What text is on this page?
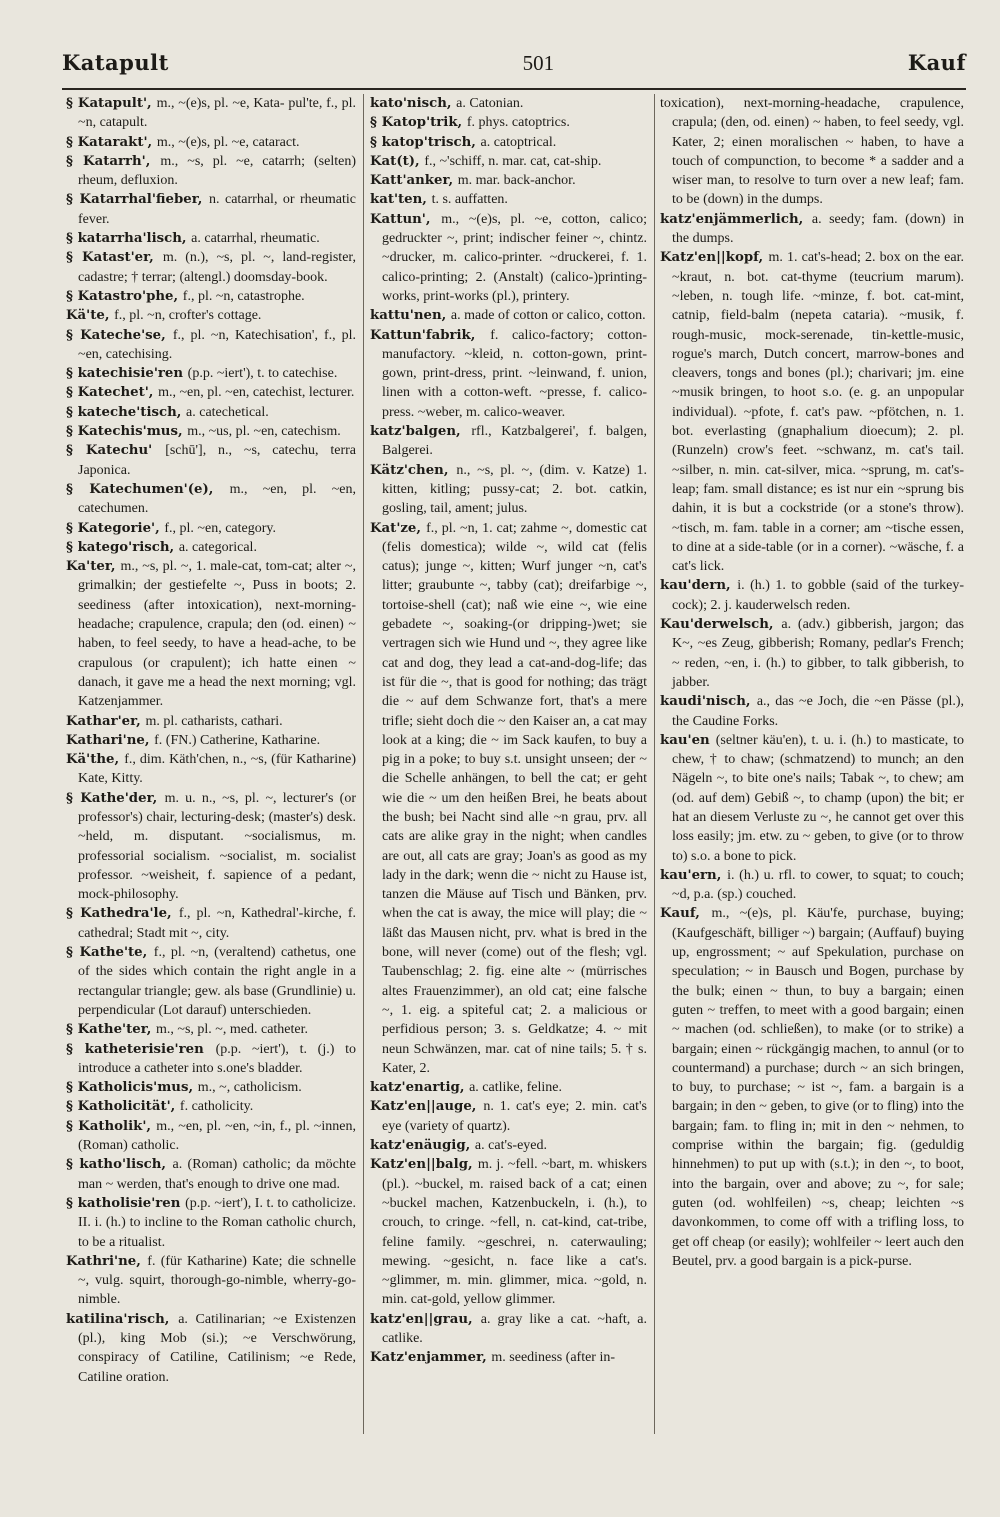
Katapult	501	Kauf

§ Katapult', m., ~(e)s, pl. ~e, Kata- pul'te, f., pl. ~n, catapult.

§ Katarakt', m., ~(e)s, pl. ~e, cataract.

§ Katarrh', m., ~s, pl. ~e, catarrh; (selten) rheum, defluxion.

§ Katarrhal'fieber, n. catarrhal, or rheumatic fever.

§ katarrha'lisch, a. catarrhal, rheumatic.

§ Katast'er, m. (n.), ~s, pl. ~, land-register, cadastre; † terrar; (altengl.) doomsday-book.

§ Katastro'phe, f., pl. ~n, catastrophe.

Kä'te, f., pl. ~n, crofter's cottage.

§ Kateche'se, f., pl. ~n, Katechisation', f., pl. ~en, catechising.

§ katechisie'ren (p.p. ~iert'), t. to catechise.

§ Katechet', m., ~en, pl. ~en, catechist, lecturer.

§ kateche'tisch, a. catechetical.

§ Katechis'mus, m., ~us, pl. ~en, catechism.

§ Katechu' [schū'], n., ~s, catechu, terra Japonica.

§ Katechumen'(e), m., ~en, pl. ~en, catechumen.

§ Kategorie', f., pl. ~en, category.

§ katego'risch, a. categorical.

Ka'ter, m., ~s, pl. ~, 1. male-cat, tom-cat; alter ~, grimalkin; der gestiefelte ~, Puss in boots; 2. seediness (after intoxication), next-morning-headache; crapulence, crapula; den (od. einen) ~ haben, to feel seedy, to have a head-ache, to be crapulous (or crapulent); ich hatte einen ~ danach, it gave me a head the next morning; vgl. Katzenjammer.

Kathar'er, m. pl. catharists, cathari.

Kathari'ne, f. (FN.) Catherine, Katharine.

Kä'the, f., dim. Käth'chen, n., ~s, (für Katharine) Kate, Kitty.

§ Kathe'der, m. u. n., ~s, pl. ~, lecturer's (or professor's) chair, lecturing-desk; (master's) desk. ~held, m. disputant. ~socialismus, m. professorial socialism. ~socialist, m. socialist professor. ~weisheit, f. sapience of a pedant, mock-philosophy.

§ Kathedra'le, f., pl. ~n, Kathedral'-kirche, f. cathedral; Stadt mit ~, city.

§ Kathe'te, f., pl. ~n, (veraltend) cathetus, one of the sides which contain the right angle in a rectangular triangle; gew. als base (Grundlinie) u. perpendicular (Lot darauf) unterschieden.

§ Kathe'ter, m., ~s, pl. ~, med. catheter.

§ katheterisie'ren (p.p. ~iert'), t. (j.) to introduce a catheter into s.one's bladder.

§ Katholicis'mus, m., ~, catholicism.

§ Katholicität', f. catholicity.

§ Katholik', m., ~en, pl. ~en, ~in, f., pl. ~innen, (Roman) catholic.

§ katho'lisch, a. (Roman) catholic; da möchte man ~ werden, that's enough to drive one mad.

§ katholisie'ren (p.p. ~iert'), I. t. to catholicize. II. i. (h.) to incline to the Roman catholic church, to be a ritualist.

Kathri'ne, f. (für Katharine) Kate; die schnelle ~, vulg. squirt, thorough-go-nimble, wherry-go-nimble.

katilina'risch, a. Catilinarian; ~e Existenzen (pl.), king Mob (si.); ~e Verschwörung, conspiracy of Catiline, Catilinism; ~e Rede, Catiline oration.

kato'nisch, a. Catonian.

§ Katop'trik, f. phys. catoptrics.

§ katop'trisch, a. catoptrical.

Kat(t), f., ~'schiff, n. mar. cat, cat-ship.

Katt'anker, m. mar. back-anchor.

kat'ten, t. s. auffatten.

Kattun', m., ~(e)s, pl. ~e, cotton, calico; gedruckter ~, print; indischer feiner ~, chintz. ~drucker, m. calico-printer. ~druckerei, f. 1. calico-printing; 2. (Anstalt) (calico-)printing-works, print-works (pl.), printery.

kattu'nen, a. made of cotton or calico, cotton.

Kattun'fabrik, f. calico-factory; cotton-manufactory. ~kleid, n. cotton-gown, print-gown, print-dress, print. ~leinwand, f. union, linen with a cotton-weft. ~presse, f. calico-press. ~weber, m. calico-weaver.

katz'balgen, rfl., Katzbalgerei', f. balgen, Balgerei.

Kätz'chen, n., ~s, pl. ~, (dim. v. Katze) 1. kitten, kitling; pussy-cat; 2. bot. catkin, gosling, tail, ament; julus.

Kat'ze, f., pl. ~n, 1. cat; zahme ~, domestic cat (felis domestica); wilde ~, wild cat (felis catus); junge ~, kitten; Wurf junger ~n, cat's litter; graubunte ~, tabby (cat); dreifarbige ~, tortoise-shell (cat); naß wie eine ~, wie eine gebadete ~, soaking-(or dripping-)wet; sie vertragen sich wie Hund und ~, they agree like cat and dog, they lead a cat-and-dog-life; das ist für die ~, that is good for nothing; das trägt die ~ auf dem Schwanze fort, that's a mere trifle; sieht doch die ~ den Kaiser an, a cat may look at a king; die ~ im Sack kaufen, to buy a pig in a poke; to buy s.t. unsight unseen; der ~ die Schelle anhängen, to bell the cat; er geht wie die ~ um den heißen Brei, he beats about the bush; bei Nacht sind alle ~n grau, prv. all cats are alike gray in the night; when candles are out, all cats are gray; Joan's as good as my lady in the dark; wenn die ~ nicht zu Hause ist, tanzen die Mäuse auf Tisch und Bänken, prv. when the cat is away, the mice will play; die ~ läßt das Mausen nicht, prv. what is bred in the bone, will never (come) out of the flesh; vgl. Taubenschlag; 2. fig. eine alte ~ (mürrisches altes Frauenzimmer), an old cat; eine falsche ~, 1. eig. a spiteful cat; 2. a malicious or perfidious person; 3. s. Geldkatze; 4. ~ mit neun Schwänzen, mar. cat of nine tails; 5. † s. Kater, 2.

katz'enartig, a. catlike, feline.

Katz'en||auge, n. 1. cat's eye; 2. min. cat's eye (variety of quartz).

katz'enäugig, a. cat's-eyed.

Katz'en||balg, m. j. ~fell. ~bart, m. whiskers (pl.). ~buckel, m. raised back of a cat; einen ~buckel machen, Katzenbuckeln, i. (h.), to crouch, to cringe. ~fell, n. cat-kind, cat-tribe, feline family. ~geschrei, n. caterwauling; mewing. ~gesicht, n. face like a cat's. ~glimmer, m. min. glimmer, mica. ~gold, n. min. cat-gold, yellow glimmer.

katz'en||grau, a. gray like a cat. ~haft, a. catlike.

Katz'enjammer, m. seediness (after in-

toxication), next-morning-headache, crapulence, crapula; (den, od. einen) ~ haben, to feel seedy, vgl. Kater, 2; einen moralischen ~ haben, to have a touch of compunction, to become * a sadder and a wiser man, to resolve to turn over a new leaf; fam. to be (down) in the dumps.

katz'enjämmerlich, a. seedy; fam. (down) in the dumps.

Katz'en||kopf, m. 1. cat's-head; 2. box on the ear. ~kraut, n. bot. cat-thyme (teucrium marum). ~leben, n. tough life. ~minze, f. bot. cat-mint, catnip, field-balm (nepeta cataria). ~musik, f. rough-music, mock-serenade, tin-kettle-music, rogue's march, Dutch concert, marrow-bones and cleavers, tongs and bones (pl.); charivari; jm. eine ~musik bringen, to hoot s.o. (e. g. an unpopular individual). ~pfote, f. cat's paw. ~pfötchen, n. 1. bot. everlasting (gnaphalium dioecum); 2. pl. (Runzeln) crow's feet. ~schwanz, m. cat's tail. ~silber, n. min. cat-silver, mica. ~sprung, m. cat's-leap; fam. small distance; es ist nur ein ~sprung bis dahin, it is but a cockstride (or a stone's throw). ~tisch, m. fam. table in a corner; am ~tische essen, to dine at a side-table (or in a corner). ~wäsche, f. a cat's lick.

kau'dern, i. (h.) 1. to gobble (said of the turkey-cock); 2. j. kauderwelsch reden.

Kau'derwelsch, a. (adv.) gibberish, jargon; das K~, ~es Zeug, gibberish; Romany, pedlar's French; ~ reden, ~en, i. (h.) to gibber, to talk gibberish, to jabber.

kaudi'nisch, a., das ~e Joch, die ~en Pässe (pl.), the Caudine Forks.

kau'en (seltner käu'en), t. u. i. (h.) to masticate, to chew, † to chaw; (schmatzend) to munch; an den Nägeln ~, to bite one's nails; Tabak ~, to chew; am (od. auf dem) Gebiß ~, to champ (upon) the bit; er hat an diesem Verluste zu ~, he cannot get over this loss easily; jm. etw. zu ~ geben, to give (or to throw to) s.o. a bone to pick.

kau'ern, i. (h.) u. rfl. to cower, to squat; to couch; ~d, p.a. (sp.) couched.

Kauf, m., ~(e)s, pl. Käu'fe, purchase, buying; (Kaufgeschäft, billiger ~) bargain; (Auffauf) buying up, engrossment; ~ auf Spekulation, purchase on speculation; ~ in Bausch und Bogen, purchase by the bulk; einen ~ thun, to buy a bargain; einen guten ~ treffen, to meet with a good bargain; einen ~ machen (od. schließen), to make (or to strike) a bargain; einen ~ rückgängig machen, to annul (or to countermand) a purchase; durch ~ an sich bringen, to buy, to purchase; ~ ist ~, fam. a bargain is a bargain; in den ~ geben, to give (or to fling) into the bargain; fam. to fling in; mit in den ~ nehmen, to comprise within the bargain; fig. (geduldig hinnehmen) to put up with (s.t.); in den ~, to boot, into the bargain, over and above; zu ~, for sale; guten (od. wohlfeilen) ~s, cheap; leichten ~s davonkommen, to come off with a trifling loss, to get off cheap (or easily); wohlfeiler ~ leert auch den Beutel, prv. a good bargain is a pick-purse.
